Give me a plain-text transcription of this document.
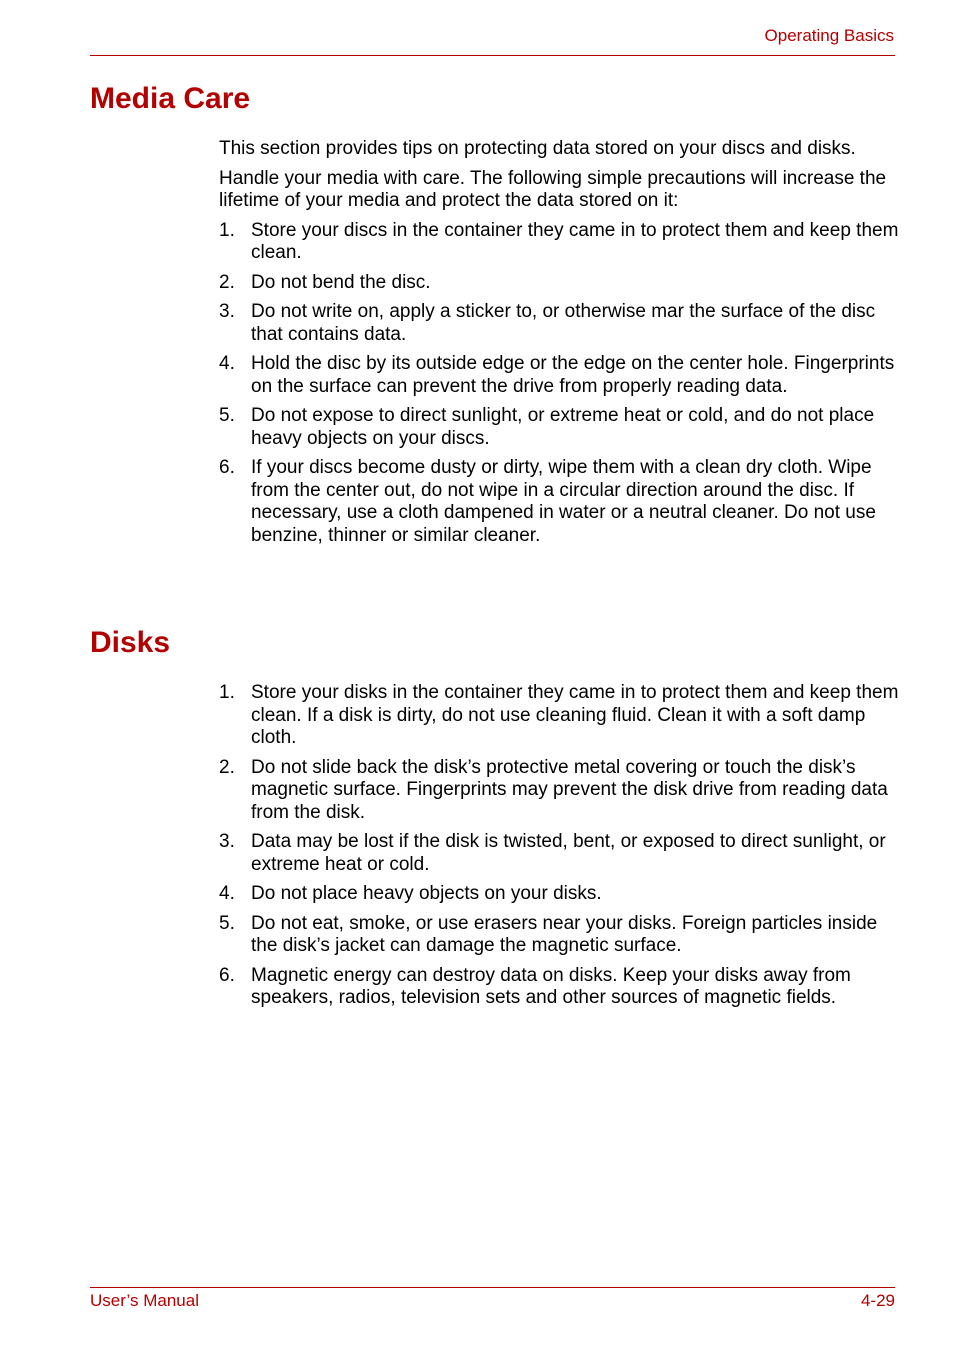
Operating Basics
Media Care

This section provides tips on protecting data stored on your discs and disks.

Handle your media with care. The following simple precautions will increase the lifetime of your media and protect the data stored on it:

1. Store your discs in the container they came in to protect them and keep them clean.
2. Do not bend the disc.
3. Do not write on, apply a sticker to, or otherwise mar the surface of the disc that contains data.
4. Hold the disc by its outside edge or the edge on the center hole. Fingerprints on the surface can prevent the drive from properly reading data.
5. Do not expose to direct sunlight, or extreme heat or cold, and do not place heavy objects on your discs.
6. If your discs become dusty or dirty, wipe them with a clean dry cloth. Wipe from the center out, do not wipe in a circular direction around the disc. If necessary, use a cloth dampened in water or a neutral cleaner. Do not use benzine, thinner or similar cleaner.
Disks
1. Store your disks in the container they came in to protect them and keep them clean. If a disk is dirty, do not use cleaning fluid. Clean it with a soft damp cloth.
2. Do not slide back the disk’s protective metal covering or touch the disk’s magnetic surface. Fingerprints may prevent the disk drive from reading data from the disk.
3. Data may be lost if the disk is twisted, bent, or exposed to direct sunlight, or extreme heat or cold.
4. Do not place heavy objects on your disks.
5. Do not eat, smoke, or use erasers near your disks. Foreign particles inside the disk’s jacket can damage the magnetic surface.
6. Magnetic energy can destroy data on disks. Keep your disks away from speakers, radios, television sets and other sources of magnetic fields.
User’s Manual	4-29
